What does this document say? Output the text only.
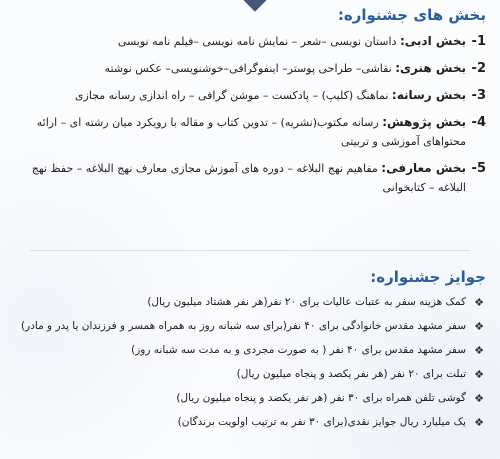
بخش های جشنواره:
1-
بخش ادبی: داستان نویسی –شعر – نمایش نامه نویسی –فیلم نامه نویسی
2-
بخش هنری: نقاشی– طراحی پوستر– اینفوگرافی–خوشنویسی– عکس نوشته
3-
بخش رسانه: نماهنگ (کلیپ) – پادکست – موشن گرافی – راه اندازی رسانه مجازی
4-
بخش پژوهش: رسانه مکتوب(نشریه) – تدوین کتاب و مقاله با رویکرد میان رشته ای – ارائه محتواهای آموزشی و تربیتی
5-
بخش معارفی: مفاهیم نهج البلاغه – دوره های آموزش مجازی معارف نهج البلاغه – حفظ نهج البلاغه – کتابخوانی
جوایز جشنواره:
❖
کمک هزینه سفر به عتبات عالیات برای ۲۰ نفر(هر نفر هشتاد میلیون ریال)
❖
سفر مشهد مقدس خانوادگی برای ۴۰ نفر(برای سه شبانه روز به همراه همسر و فرزندان یا پدر و مادر)
❖
سفر مشهد مقدس برای ۴۰ نفر ( به صورت مجردی و به مدت سه شبانه روز)
❖
تبلت برای ۲۰ نفر (هر نفر یکصد و پنجاه میلیون ریال)
❖
گوشی تلفن همراه برای ۳۰ نفر (هر نفر یکصد و پنجاه میلیون ریال)
❖
یک میلیارد ریال جوایز نقدی(برای ۳۰ نفر به ترتیب اولویت برندگان)
